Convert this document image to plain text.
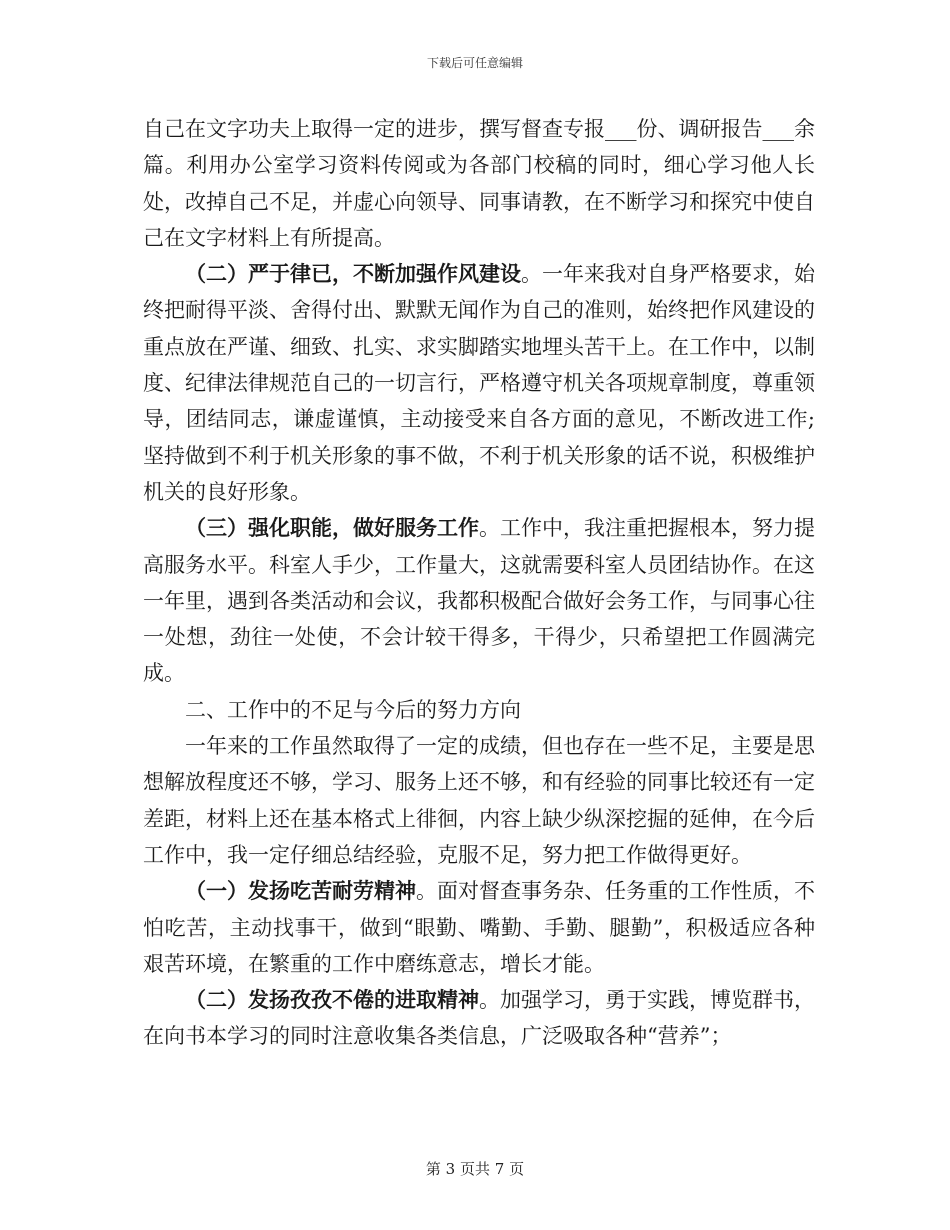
下载后可任意编辑

自己在文字功夫上取得一定的进步，撰写督查专报___份、调研报告___余篇。利用办公室学习资料传阅或为各部门校稿的同时，细心学习他人长处，改掉自己不足，并虚心向领导、同事请教，在不断学习和探究中使自己在文字材料上有所提高。

（二）严于律已，不断加强作风建设。一年来我对自身严格要求，始终把耐得平淡、舍得付出、默默无闻作为自己的准则，始终把作风建设的重点放在严谨、细致、扎实、求实脚踏实地埋头苦干上。在工作中，以制度、纪律法律规范自己的一切言行，严格遵守机关各项规章制度，尊重领导，团结同志，谦虚谨慎，主动接受来自各方面的意见，不断改进工作;坚持做到不利于机关形象的事不做，不利于机关形象的话不说，积极维护机关的良好形象。

（三）强化职能，做好服务工作。工作中，我注重把握根本，努力提高服务水平。科室人手少，工作量大，这就需要科室人员团结协作。在这一年里，遇到各类活动和会议，我都积极配合做好会务工作，与同事心往一处想，劲往一处使，不会计较干得多，干得少，只希望把工作圆满完成。

二、工作中的不足与今后的努力方向

一年来的工作虽然取得了一定的成绩，但也存在一些不足，主要是思想解放程度还不够，学习、服务上还不够，和有经验的同事比较还有一定差距，材料上还在基本格式上徘徊，内容上缺少纵深挖掘的延伸，在今后工作中，我一定仔细总结经验，克服不足，努力把工作做得更好。

（一）发扬吃苦耐劳精神。面对督查事务杂、任务重的工作性质，不怕吃苦，主动找事干，做到“眼勤、嘴勤、手勤、腿勤”，积极适应各种艰苦环境，在繁重的工作中磨练意志，增长才能。

（二）发扬孜孜不倦的进取精神。加强学习，勇于实践，博览群书，在向书本学习的同时注意收集各类信息，广泛吸取各种“营养”；

第 3 页共 7 页
